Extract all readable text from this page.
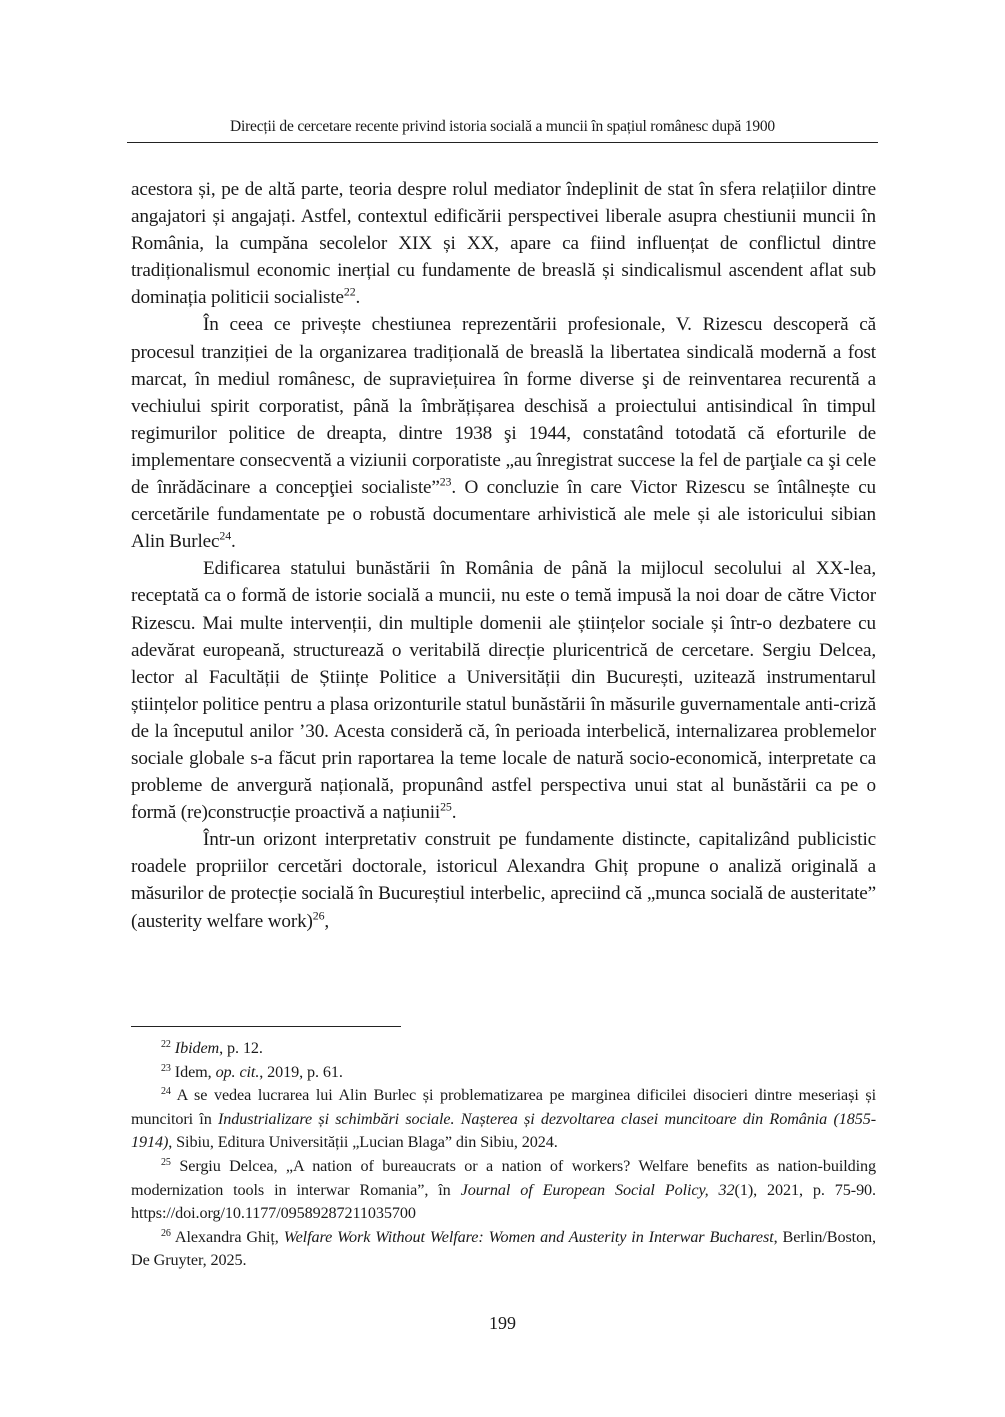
Direcții de cercetare recente privind istoria socială a muncii în spațiul românesc după 1900

acestora și, pe de altă parte, teoria despre rolul mediator îndeplinit de stat în sfera relațiilor dintre angajatori și angajați. Astfel, contextul edificării perspectivei liberale asupra chestiunii muncii în România, la cumpăna secolelor XIX și XX, apare ca fiind influențat de conflictul dintre tradiționalismul economic inerțial cu fundamente de breaslă și sindicalismul ascendent aflat sub dominația politicii socialiste$^{22}$.

În ceea ce privește chestiunea reprezentării profesionale, V. Rizescu descoperă că procesul tranziției de la organizarea tradițională de breaslă la libertatea sindicală modernă a fost marcat, în mediul românesc, de supraviețuirea în forme diverse şi de reinventarea recurentă a vechiului spirit corporatist, până la îmbrățișarea deschisă a proiectului antisindical în timpul regimurilor politice de dreapta, dintre 1938 şi 1944, constatând totodată că eforturile de implementare consecventă a viziunii corporatiste „au înregistrat succese la fel de parţiale ca şi cele de înrădăcinare a concepţiei socialiste”$^{23}$. O concluzie în care Victor Rizescu se întâlnește cu cercetările fundamentate pe o robustă documentare arhivistică ale mele și ale istoricului sibian Alin Burlec$^{24}$.

Edificarea statului bunăstării în România de până la mijlocul secolului al XX-lea, receptată ca o formă de istorie socială a muncii, nu este o temă impusă la noi doar de către Victor Rizescu. Mai multe intervenții, din multiple domenii ale științelor sociale și într-o dezbatere cu adevărat europeană, structurează o veritabilă direcție pluricentrică de cercetare. Sergiu Delcea, lector al Facultății de Științe Politice a Universității din București, uzitează instrumentarul științelor politice pentru a plasa orizonturile statul bunăstării în măsurile guvernamentale anti-criză de la începutul anilor ’30. Acesta consideră că, în perioada interbelică, internalizarea problemelor sociale globale s-a făcut prin raportarea la teme locale de natură socio-economică, interpretate ca probleme de anvergură națională, propunând astfel perspectiva unui stat al bunăstării ca pe o formă (re)construcție proactivă a națiunii$^{25}$.

Într-un orizont interpretativ construit pe fundamente distincte, capitalizând publicistic roadele propriilor cercetări doctorale, istoricul Alexandra Ghiț propune o analiză originală a măsurilor de protecție socială în Bucureștiul interbelic, apreciind că „munca socială de austeritate” (austerity welfare work)$^{26}$,

$^{22}$ Ibidem, p. 12.

$^{23}$ Idem, op. cit., 2019, p. 61.

$^{24}$ A se vedea lucrarea lui Alin Burlec și problematizarea pe marginea dificilei disocieri dintre meseriași și muncitori în Industrializare și schimbări sociale. Nașterea și dezvoltarea clasei muncitoare din România (1855-1914), Sibiu, Editura Universității „Lucian Blaga” din Sibiu, 2024.

$^{25}$ Sergiu Delcea, „A nation of bureaucrats or a nation of workers? Welfare benefits as nation-building modernization tools in interwar Romania”, în Journal of European Social Policy, 32(1), 2021, p. 75-90. https://doi.org/10.1177/09589287211035700

$^{26}$ Alexandra Ghiț, Welfare Work Without Welfare: Women and Austerity in Interwar Bucharest, Berlin/Boston, De Gruyter, 2025.

199
